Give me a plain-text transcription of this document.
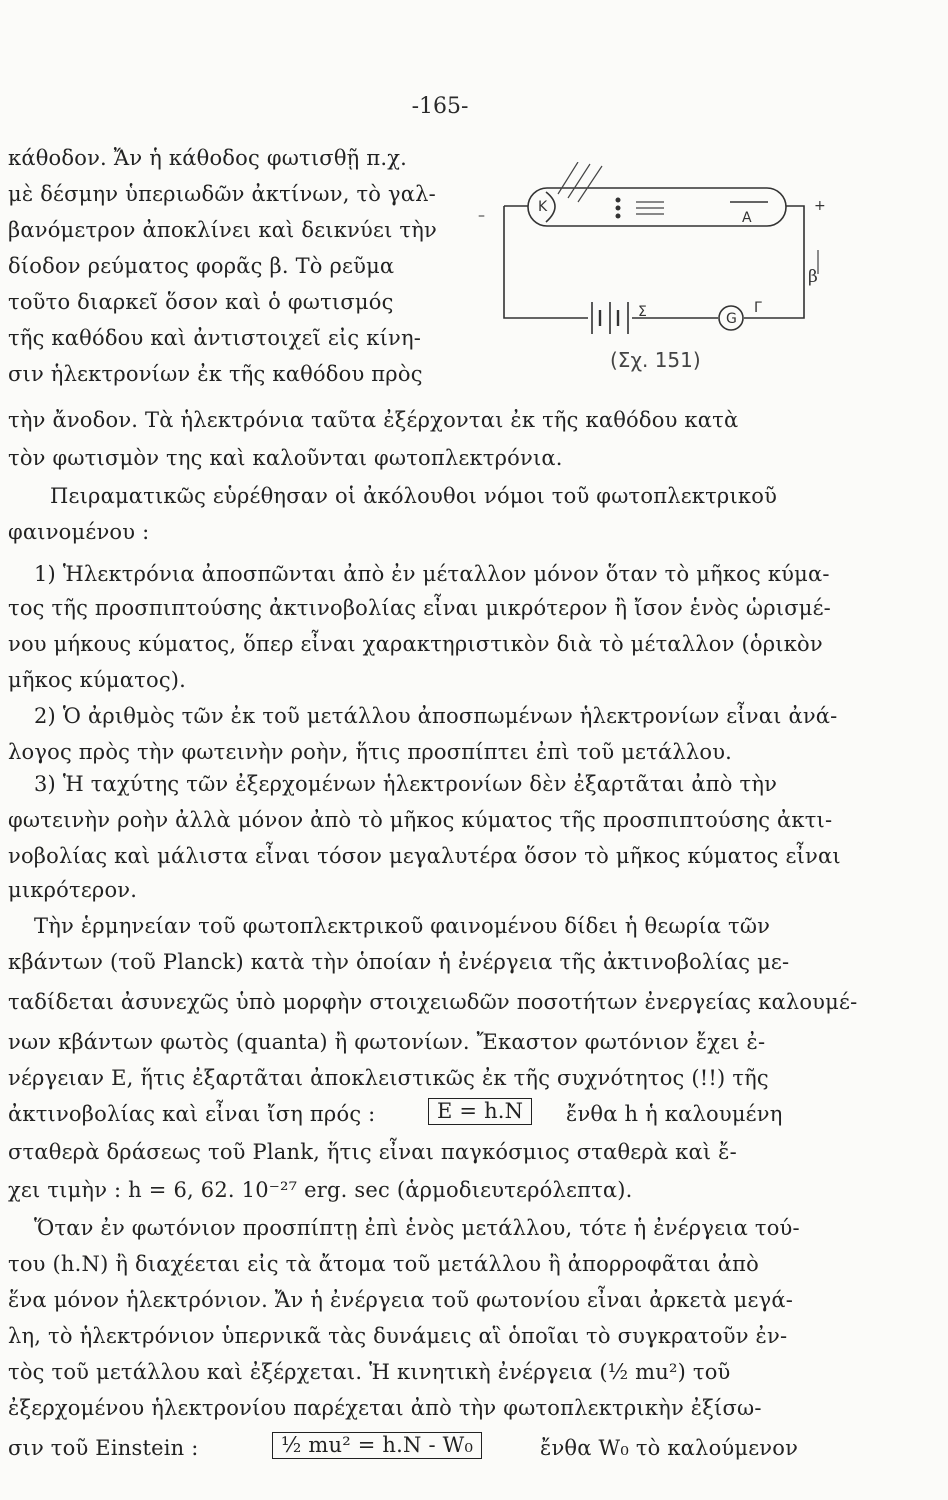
-165-
K
A
–
+
β
Σ	G
Γ
(Σχ. 151)
κάθοδον. Ἄν ἡ κάθοδος φωτισθῇ π.χ.
μὲ δέσμην ὑπεριωδῶν ἀκτίνων, τὸ γαλ-
βανόμετρον ἀποκλίνει καὶ δεικνύει τὴν
δίοδον ρεύματος φορᾶς β. Τὸ ρεῦμα
τοῦτο διαρκεῖ ὅσον καὶ ὁ φωτισμός
τῆς καθόδου καὶ ἀντιστοιχεῖ εἰς κίνη-
σιν ἡλεκτρονίων ἐκ τῆς καθόδου πρὸς
τὴν ἄνοδον. Τὰ ἡλεκτρόνια ταῦτα ἐξέρχονται ἐκ τῆς καθόδου κατὰ
τὸν φωτισμὸν της καὶ καλοῦνται φωτοπλεκτρόνια.
Πειραματικῶς εὑρέθησαν οἱ ἀκόλουθοι νόμοι τοῦ φωτοπλεκτρικοῦ
φαινομένου :
1) Ἡλεκτρόνια ἀποσπῶνται ἀπὸ ἐν μέταλλον μόνον ὅταν τὸ μῆκος κύμα-
τος τῆς προσπιπτούσης ἀκτινοβολίας εἶναι μικρότερον ἢ ἴσον ἑνὸς ὡρισμέ-
νου μήκους κύματος, ὅπερ εἶναι χαρακτηριστικὸν διὰ τὸ μέταλλον (ὁρικὸν
μῆκος κύματος).
2) Ὁ ἀριθμὸς τῶν ἐκ τοῦ μετάλλου ἀποσπωμένων ἡλεκτρονίων εἶναι ἀνά-
λογος πρὸς τὴν φωτεινὴν ροὴν, ἥτις προσπίπτει ἐπὶ τοῦ μετάλλου.
3) Ἡ ταχύτης τῶν ἐξερχομένων ἡλεκτρονίων δὲν ἐξαρτᾶται ἀπὸ τὴν
φωτεινὴν ροὴν ἀλλὰ μόνον ἀπὸ τὸ μῆκος κύματος τῆς προσπιπτούσης ἀκτι-
νοβολίας καὶ μάλιστα εἶναι τόσον μεγαλυτέρα ὅσον τὸ μῆκος κύματος εἶναι
μικρότερον.
Τὴν ἑρμηνείαν τοῦ φωτοπλεκτρικοῦ φαινομένου δίδει ἡ θεωρία τῶν
κβάντων (τοῦ Planck) κατὰ τὴν ὁποίαν ἡ ἐνέργεια τῆς ἀκτινοβολίας με-
ταδίδεται ἀσυνεχῶς ὑπὸ μορφὴν στοιχειωδῶν ποσοτήτων ἐνεργείας καλουμέ-
νων κβάντων φωτὸς (quanta) ἢ φωτονίων. Ἔκαστον φωτόνιον ἔχει ἐ-
νέργειαν E, ἥτις ἐξαρτᾶται ἀποκλειστικῶς ἐκ τῆς συχνότητος (!!) τῆς
ἀκτινοβολίας καὶ εἶναι ἴση πρός :	E = h.N	ἔνθα h ἡ καλουμένη
σταθερὰ δράσεως τοῦ Plank, ἥτις εἶναι παγκόσμιος σταθερὰ καὶ ἔ-
χει τιμὴν : h = 6, 62. 10⁻²⁷ erg. sec (ἁρμοδιευτερόλεπτα).
Ὅταν ἐν φωτόνιον προσπίπτῃ ἐπὶ ἑνὸς μετάλλου, τότε ἡ ἐνέργεια τού-
του (h.N) ἢ διαχέεται εἰς τὰ ἄτομα τοῦ μετάλλου ἢ ἀπορροφᾶται ἀπὸ
ἕνα μόνον ἡλεκτρόνιον. Ἄν ἡ ἐνέργεια τοῦ φωτονίου εἶναι ἀρκετὰ μεγά-
λη, τὸ ἡλεκτρόνιον ὑπερνικᾶ τὰς δυνάμεις αἳ ὁποῖαι τὸ συγκρατοῦν ἐν-
τὸς τοῦ μετάλλου καὶ ἐξέρχεται. Ἡ κινητικὴ ἐνέργεια (½ mu²) τοῦ
ἐξερχομένου ἡλεκτρονίου παρέχεται ἀπὸ τὴν φωτοπλεκτρικὴν ἐξίσω-
σιν τοῦ Einstein :	½ mu² = h.N - W₀	ἔνθα W₀ τὸ καλούμενον
